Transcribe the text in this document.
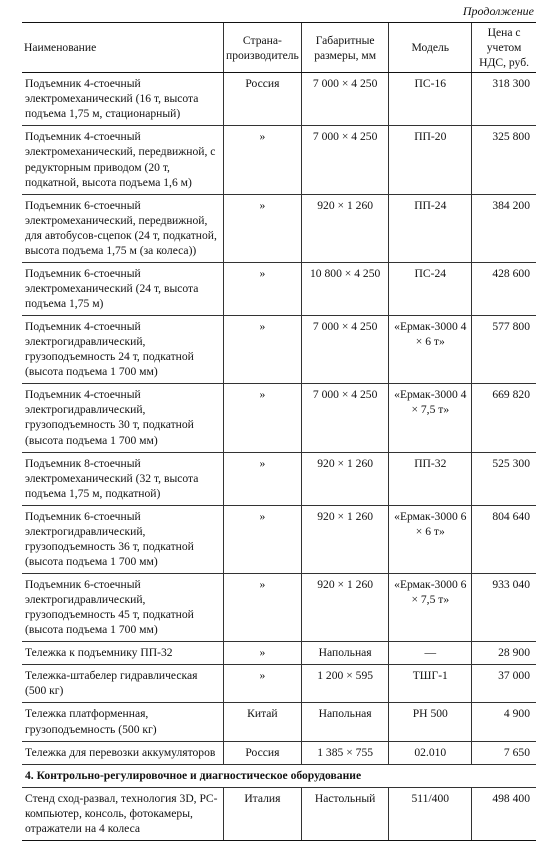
Продолжение
Наименование	Страна-производитель	Габаритные размеры, мм	Модель	Цена с учетом НДС, руб.
Подъемник 4-стоечный электромеханический (16 т, высота подъема 1,75 м, стационарный)	Россия	7 000 × 4 250	ПС-16	318 300
Подъемник 4-стоечный электромеханический, передвижной, с редукторным приводом (20 т, подкатной, высота подъема 1,6 м)	»	7 000 × 4 250	ПП-20	325 800
Подъемник 6-стоечный электромеханический, передвижной, для автобусов-сцепок (24 т, подкатной, высота подъема 1,75 м (за колеса))	»	920 × 1 260	ПП-24	384 200
Подъемник 6-стоечный электромеханический (24 т, высота подъема 1,75 м)	»	10 800 × 4 250	ПС-24	428 600
Подъемник 4-стоечный электрогидравлический, грузоподъемность 24 т, подкатной (высота подъема 1 700 мм)	»	7 000 × 4 250	«Ермак-3000 4 × 6 т»	577 800
Подъемник 4-стоечный электрогидравлический, грузоподъемность 30 т, подкатной (высота подъема 1 700 мм)	»	7 000 × 4 250	«Ермак-3000 4 × 7,5 т»	669 820
Подъемник 8-стоечный электромеханический (32 т, высота подъема 1,75 м, подкатной)	»	920 × 1 260	ПП-32	525 300
Подъемник 6-стоечный электрогидравлический, грузоподъемность 36 т, подкатной (высота подъема 1 700 мм)	»	920 × 1 260	«Ермак-3000 6 × 6 т»	804 640
Подъемник 6-стоечный электрогидравлический, грузоподъемность 45 т, подкатной (высота подъема 1 700 мм)	»	920 × 1 260	«Ермак-3000 6 × 7,5 т»	933 040
Тележка к подъемнику ПП-32	»	Напольная	—	28 900
Тележка-штабелер гидравлическая (500 кг)	»	1 200 × 595	ТШГ-1	37 000
Тележка платформенная, грузоподъемность (500 кг)	Китай	Напольная	РН 500	4 900
Тележка для перевозки аккумуляторов	Россия	1 385 × 755	02.010	7 650
4. Контрольно-регулировочное и диагностическое оборудование				
Стенд сход-развал, технология 3D, PC-компьютер, консоль, фотокамеры, отражатели на 4 колеса	Италия	Настольный	511/400	498 400
